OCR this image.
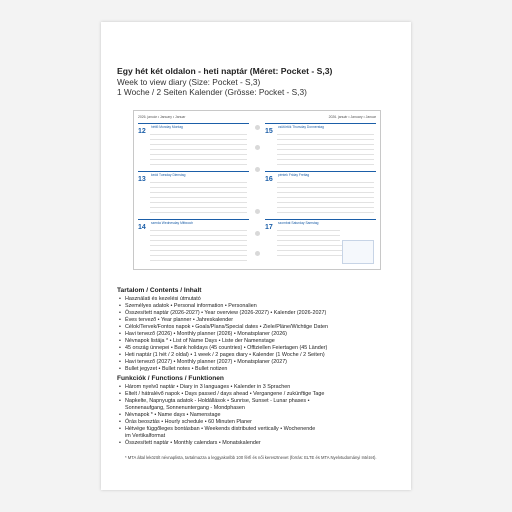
Egy hét két oldalon - heti naptár (Méret: Pocket - S,3)
Week to view diary (Size: Pocket - S,3)
1 Woche / 2 Seiten Kalender (Grösse: Pocket - S,3)
2026. január • January • Januar
12
hétfő Monday Montag
13
kedd Tuesday Dienstag
14
szerda Wednesday Mittwoch
2026. január • January • Januar
15
csütörtök Thursday Donnerstag
16
péntek Friday Freitag
17
szombat Saturday Samstag
Tartalom / Contents / Inhalt
• Használati és kezelési útmutató
• Személyes adatok • Personal information • Personalien
• Összesített naptár (2026-2027) • Year overview (2026-2027) • Kalender (2026-2027)
• Éves tervező • Year planner • Jahreskalender
• Célok/Tervek/Fontos napok • Goals/Plans/Special dates • Ziele/Pläne/Wichtige Daten
• Havi tervező (2026) • Monthly planner (2026) • Monatsplaner (2026)
• Névnapok listája * • List of Name Days • Liste der Namenstage
• 45 ország ünnepei • Bank holidays (45 countries) • Offiziellen Feiertagen (45 Länder)
• Heti naptár (1 hét / 2 oldal) • 1 week / 2 pages diary • Kalender (1 Woche / 2 Seiten)
• Havi tervező (2027) • Monthly planner (2027) • Monatsplaner (2027)
• Bullet jegyzet • Bullet notes • Bullet notizen
Funkciók / Functions / Funktionen
• Három nyelvű naptár • Diary in 3 languages • Kalender in 3 Sprachen
• Eltelt / hátralévő napok • Days passed / days ahead • Vergangene / zukünftige Tage
• Napkelte, Napnyugta adatok - Holdállások • Sunrise, Sunset - Lunar phases •
Sonnenaufgang, Sonnenuntergang - Mondphasen
• Névnapok * • Name days • Namenstage
• Órás beosztás • Hourly schedule • 60 Minuten Planer
• Hétvége függőleges bontásban • Weekends distributed vertically • Wochenende
im Vertikalformat
• Összesített naptár • Monthly calendars • Monatskalender
* MTA által leközölt névnaplista, tartalmazza a leggyakoribb 100 férfi és női keresztnevet (forrás: ELTE és MTA Nyelvtudományi Intézet).
